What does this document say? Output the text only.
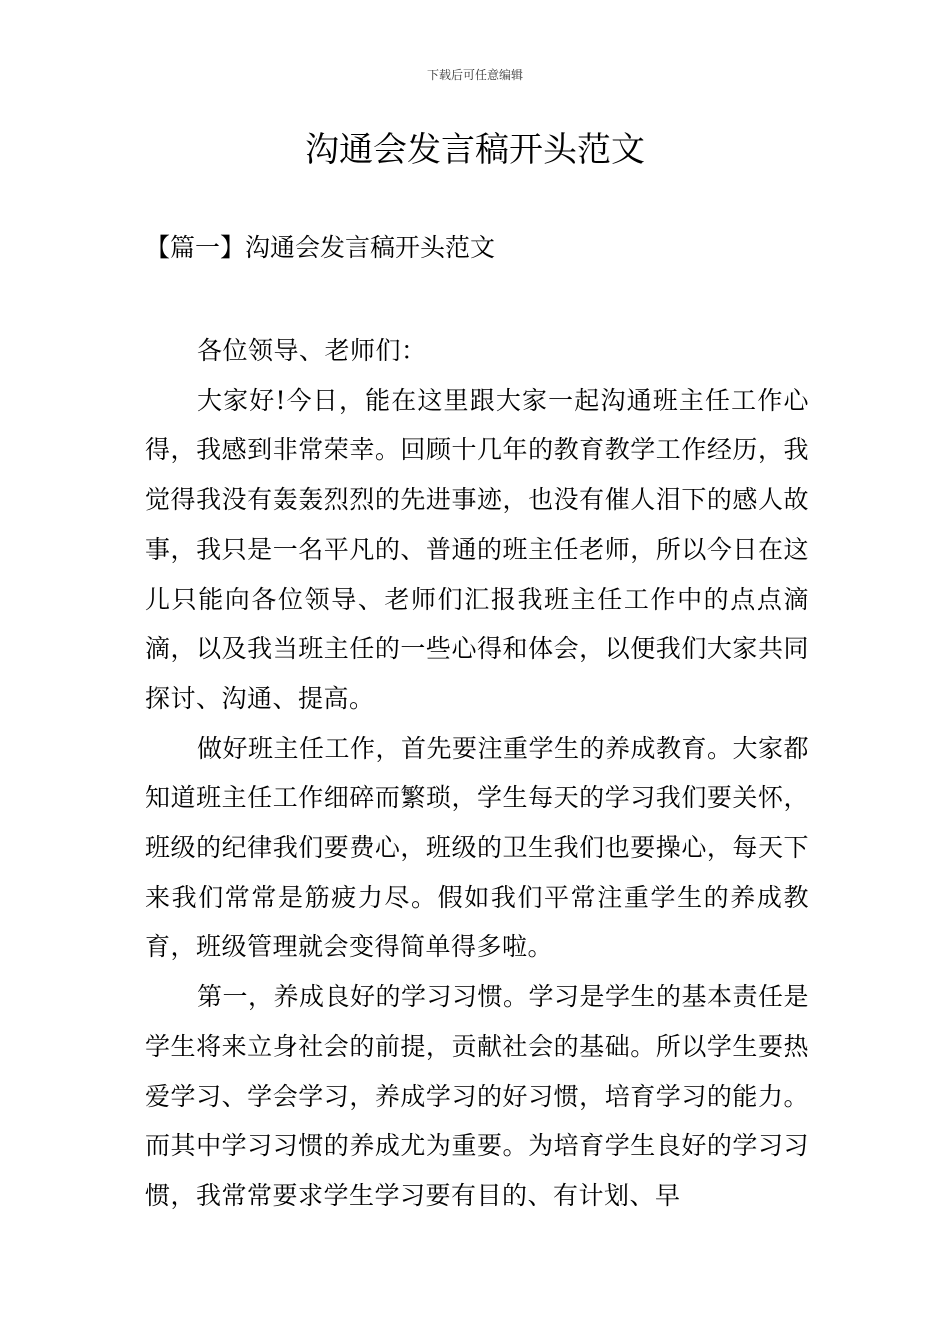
下载后可任意编辑
沟通会发言稿开头范文
【篇一】沟通会发言稿开头范文

各位领导、老师们：

大家好!今日，能在这里跟大家一起沟通班主任工作心得，我感到非常荣幸。回顾十几年的教育教学工作经历，我觉得我没有轰轰烈烈的先进事迹，也没有催人泪下的感人故事，我只是一名平凡的、普通的班主任老师，所以今日在这儿只能向各位领导、老师们汇报我班主任工作中的点点滴滴，以及我当班主任的一些心得和体会，以便我们大家共同探讨、沟通、提高。

做好班主任工作，首先要注重学生的养成教育。大家都知道班主任工作细碎而繁琐，学生每天的学习我们要关怀，班级的纪律我们要费心，班级的卫生我们也要操心，每天下来我们常常是筋疲力尽。假如我们平常注重学生的养成教育，班级管理就会变得简单得多啦。

第一，养成良好的学习习惯。学习是学生的基本责任是学生将来立身社会的前提，贡献社会的基础。所以学生要热爱学习、学会学习，养成学习的好习惯，培育学习的能力。而其中学习习惯的养成尤为重要。为培育学生良好的学习习惯，我常常要求学生学习要有目的、有计划、早
